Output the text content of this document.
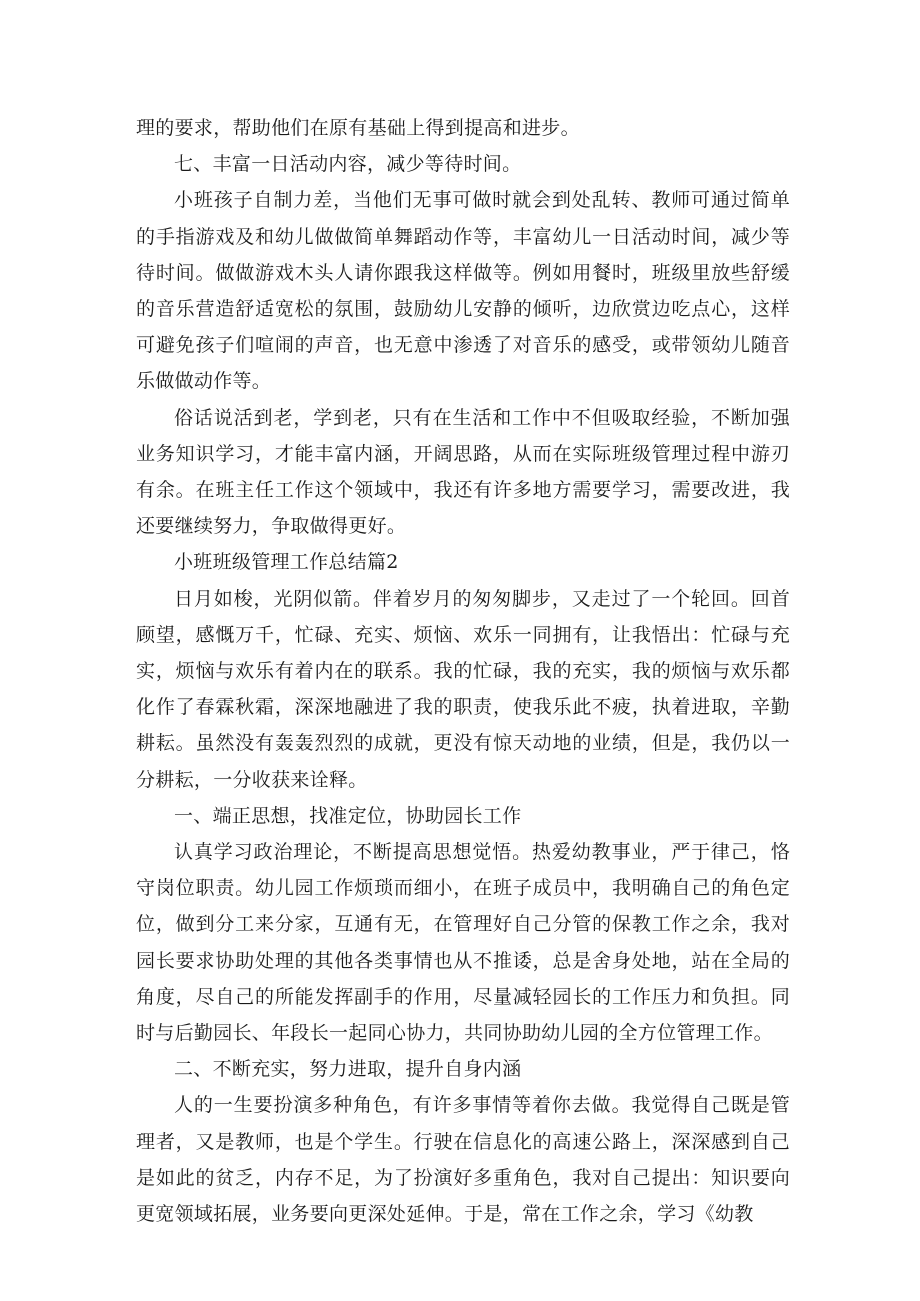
理的要求，帮助他们在原有基础上得到提高和进步。

七、丰富一日活动内容，减少等待时间。

小班孩子自制力差，当他们无事可做时就会到处乱转、教师可通过简单的手指游戏及和幼儿做做简单舞蹈动作等，丰富幼儿一日活动时间，减少等待时间。做做游戏木头人请你跟我这样做等。例如用餐时，班级里放些舒缓的音乐营造舒适宽松的氛围，鼓励幼儿安静的倾听，边欣赏边吃点心，这样可避免孩子们喧闹的声音，也无意中渗透了对音乐的感受，或带领幼儿随音乐做做动作等。

俗话说活到老，学到老，只有在生活和工作中不但吸取经验，不断加强业务知识学习，才能丰富内涵，开阔思路，从而在实际班级管理过程中游刃有余。在班主任工作这个领域中，我还有许多地方需要学习，需要改进，我还要继续努力，争取做得更好。

小班班级管理工作总结篇2

日月如梭，光阴似箭。伴着岁月的匆匆脚步，又走过了一个轮回。回首顾望，感慨万千，忙碌、充实、烦恼、欢乐一同拥有，让我悟出：忙碌与充实，烦恼与欢乐有着内在的联系。我的忙碌，我的充实，我的烦恼与欢乐都化作了春霖秋霜，深深地融进了我的职责，使我乐此不疲，执着进取，辛勤耕耘。虽然没有轰轰烈烈的成就，更没有惊天动地的业绩，但是，我仍以一分耕耘，一分收获来诠释。

一、端正思想，找准定位，协助园长工作

认真学习政治理论，不断提高思想觉悟。热爱幼教事业，严于律己，恪守岗位职责。幼儿园工作烦琐而细小，在班子成员中，我明确自己的角色定位，做到分工来分家，互通有无，在管理好自己分管的保教工作之余，我对园长要求协助处理的其他各类事情也从不推诿，总是舍身处地，站在全局的角度，尽自己的所能发挥副手的作用，尽量减轻园长的工作压力和负担。同时与后勤园长、年段长一起同心协力，共同协助幼儿园的全方位管理工作。

二、不断充实，努力进取，提升自身内涵

人的一生要扮演多种角色，有许多事情等着你去做。我觉得自己既是管理者，又是教师，也是个学生。行驶在信息化的高速公路上，深深感到自己是如此的贫乏，内存不足，为了扮演好多重角色，我对自己提出：知识要向更宽领域拓展，业务要向更深处延伸。于是，常在工作之余，学习《幼教
